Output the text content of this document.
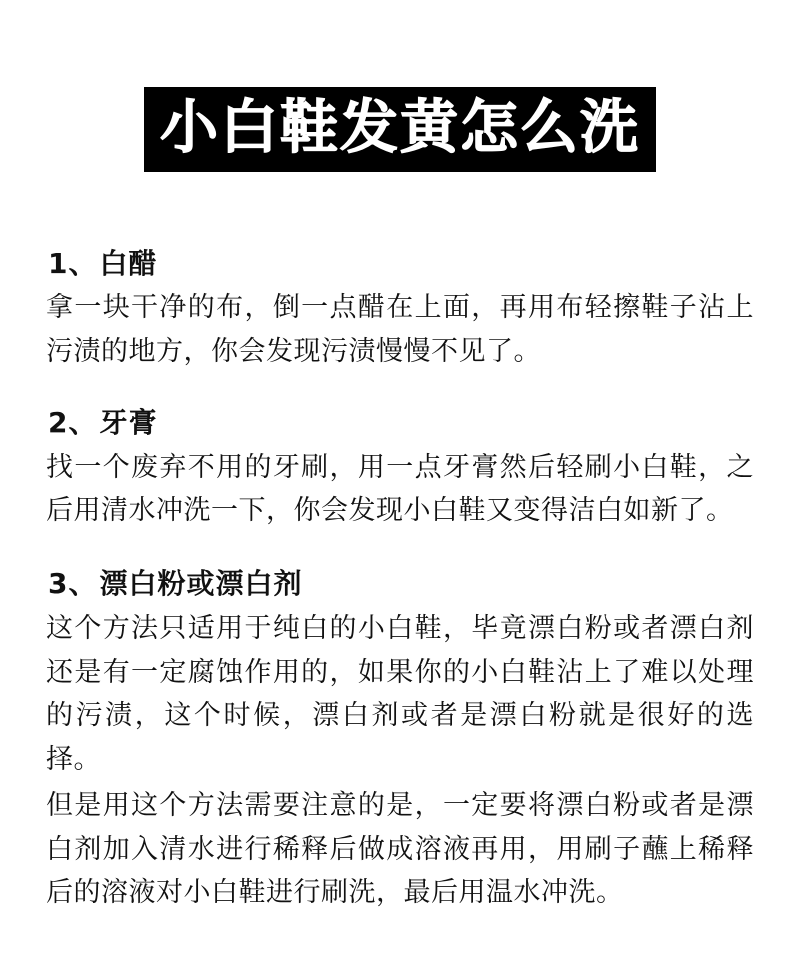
小白鞋发黄怎么洗
1、白醋

拿一块干净的布，倒一点醋在上面，再用布轻擦鞋子沾上污渍的地方，你会发现污渍慢慢不见了。

2、牙膏

找一个废弃不用的牙刷，用一点牙膏然后轻刷小白鞋，之后用清水冲洗一下，你会发现小白鞋又变得洁白如新了。

3、漂白粉或漂白剂

这个方法只适用于纯白的小白鞋，毕竟漂白粉或者漂白剂还是有一定腐蚀作用的，如果你的小白鞋沾上了难以处理的污渍，这个时候，漂白剂或者是漂白粉就是很好的选择。

但是用这个方法需要注意的是，一定要将漂白粉或者是漂白剂加入清水进行稀释后做成溶液再用，用刷子蘸上稀释后的溶液对小白鞋进行刷洗，最后用温水冲洗。
